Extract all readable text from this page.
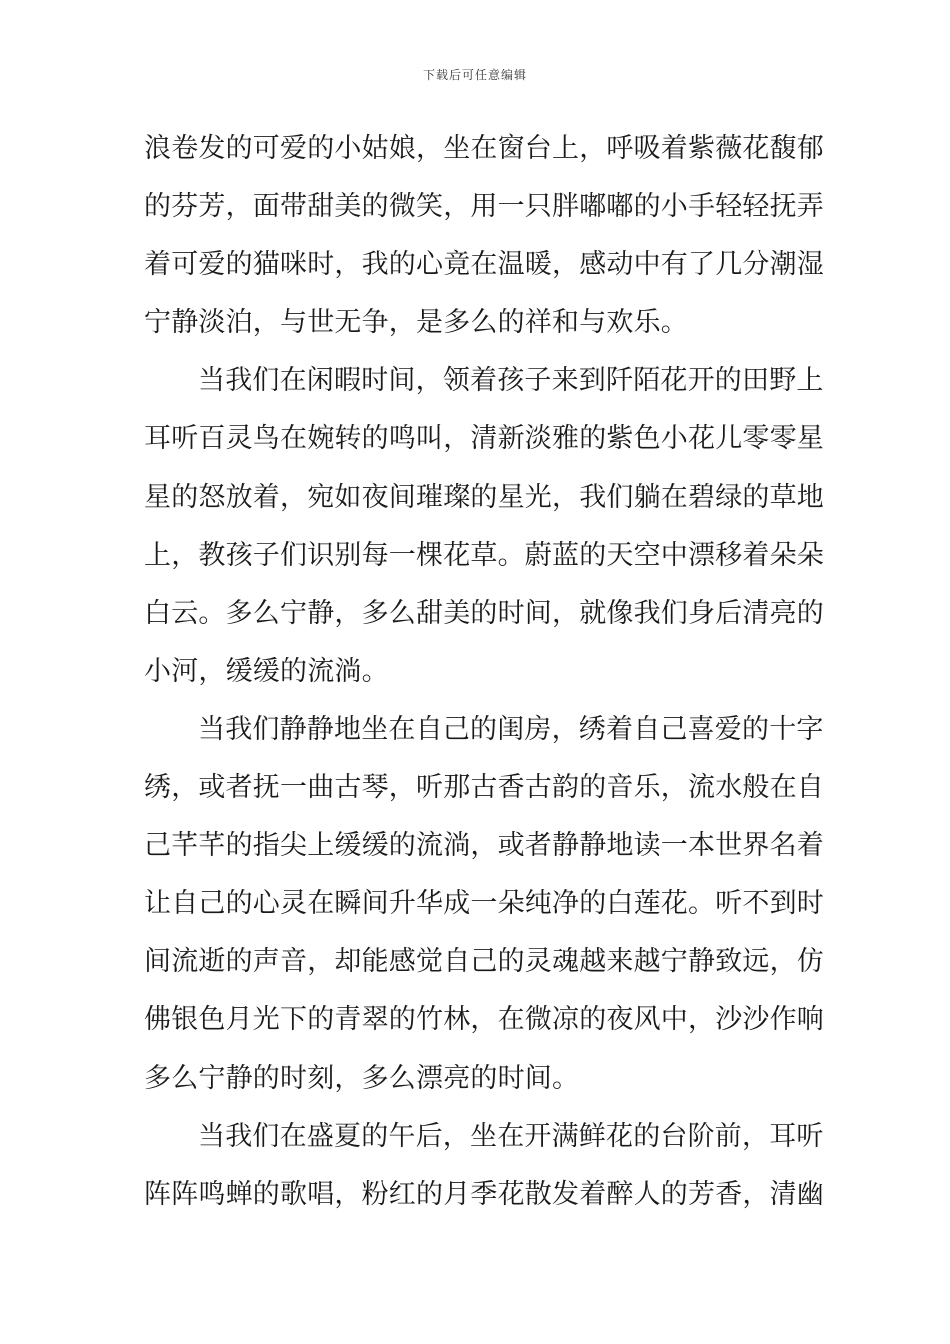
下载后可任意编辑
浪卷发的可爱的小姑娘，坐在窗台上，呼吸着紫薇花馥郁
的芬芳，面带甜美的微笑，用一只胖嘟嘟的小手轻轻抚弄
着可爱的猫咪时，我的心竟在温暖，感动中有了几分潮湿
宁静淡泊，与世无争，是多么的祥和与欢乐。
当我们在闲暇时间，领着孩子来到阡陌花开的田野上
耳听百灵鸟在婉转的鸣叫，清新淡雅的紫色小花儿零零星
星的怒放着，宛如夜间璀璨的星光，我们躺在碧绿的草地
上，教孩子们识别每一棵花草。蔚蓝的天空中漂移着朵朵
白云。多么宁静，多么甜美的时间，就像我们身后清亮的
小河，缓缓的流淌。
当我们静静地坐在自己的闺房，绣着自己喜爱的十字
绣，或者抚一曲古琴，听那古香古韵的音乐，流水般在自
己芊芊的指尖上缓缓的流淌，或者静静地读一本世界名着
让自己的心灵在瞬间升华成一朵纯净的白莲花。听不到时
间流逝的声音，却能感觉自己的灵魂越来越宁静致远，仿
佛银色月光下的青翠的竹林，在微凉的夜风中，沙沙作响
多么宁静的时刻，多么漂亮的时间。
当我们在盛夏的午后，坐在开满鲜花的台阶前，耳听
阵阵鸣蝉的歌唱，粉红的月季花散发着醉人的芳香，清幽
